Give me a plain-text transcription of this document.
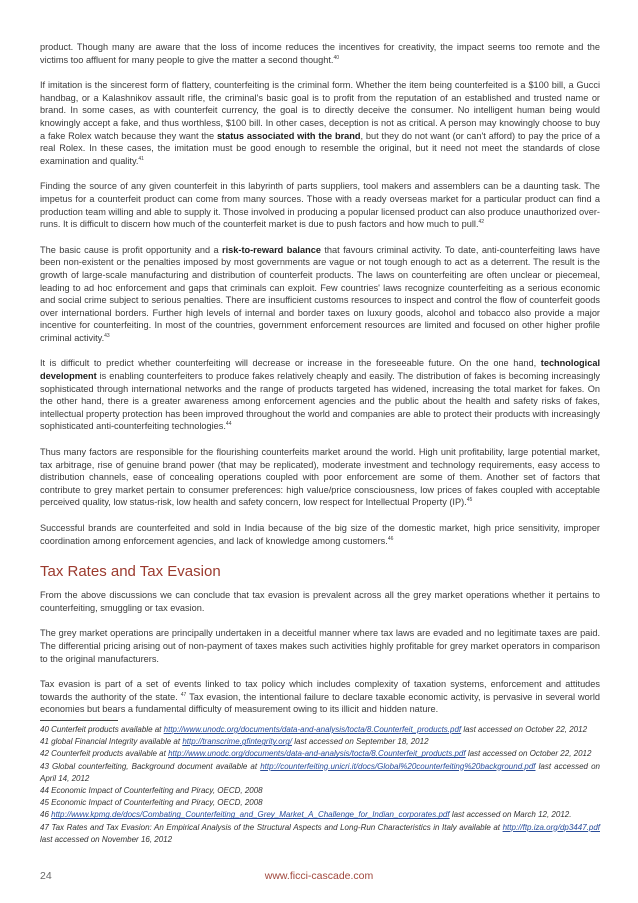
product. Though many are aware that the loss of income reduces the incentives for creativity, the impact seems too remote and the victims too affluent for many people to give the matter a second thought.$^{40}$

If imitation is the sincerest form of flattery, counterfeiting is the criminal form. Whether the item being counterfeited is a $100 bill, a Gucci handbag, or a Kalashnikov assault rifle, the criminal's basic goal is to profit from the reputation of an established and trusted name or brand. In some cases, as with counterfeit currency, the goal is to directly deceive the consumer. No intelligent human being would knowingly accept a fake, and thus worthless, $100 bill. In other cases, deception is not as critical. A person may knowingly choose to buy a fake Rolex watch because they want the status associated with the brand, but they do not want (or can't afford) to pay the price of a real Rolex. In these cases, the imitation must be good enough to resemble the original, but it need not meet the standards of close examination and quality.$^{41}$

Finding the source of any given counterfeit in this labyrinth of parts suppliers, tool makers and assemblers can be a daunting task. The impetus for a counterfeit product can come from many sources. Those with a ready overseas market for a particular product can find a production team willing and able to supply it. Those involved in producing a popular licensed product can also produce unauthorized over-runs. It is difficult to discern how much of the counterfeit market is due to push factors and how much to pull.$^{42}$

The basic cause is profit opportunity and a risk-to-reward balance that favours criminal activity. To date, anti-counterfeiting laws have been non-existent or the penalties imposed by most governments are vague or not tough enough to act as a deterrent. The result is the growth of large-scale manufacturing and distribution of counterfeit products. The laws on counterfeiting are often unclear or piecemeal, leading to ad hoc enforcement and gaps that criminals can exploit. Few countries' laws recognize counterfeiting as a serious economic and social crime subject to serious penalties. There are insufficient customs resources to inspect and control the flow of counterfeit goods over international borders. Further high levels of internal and border taxes on luxury goods, alcohol and tobacco also provide a major incentive for counterfeiting. In most of the countries, government enforcement resources are limited and focused on other higher profile criminal activity.$^{43}$

It is difficult to predict whether counterfeiting will decrease or increase in the foreseeable future. On the one hand, technological development is enabling counterfeiters to produce fakes relatively cheaply and easily. The distribution of fakes is becoming increasingly sophisticated through international networks and the range of products targeted has widened, increasing the total market for fakes. On the other hand, there is a greater awareness among enforcement agencies and the public about the health and safety risks of fakes, intellectual property protection has been improved throughout the world and companies are able to protect their products with increasingly sophisticated anti-counterfeiting technologies.$^{44}$

Thus many factors are responsible for the flourishing counterfeits market around the world. High unit profitability, large potential market, tax arbitrage, rise of genuine brand power (that may be replicated), moderate investment and technology requirements, easy access to distribution channels, ease of concealing operations coupled with poor enforcement are some of them. Another set of factors that contribute to grey market pertain to consumer preferences: high value/price consciousness, low prices of fakes coupled with acceptable perceived quality, low status-risk, low health and safety concern, low respect for Intellectual Property (IP).$^{45}$

Successful brands are counterfeited and sold in India because of the big size of the domestic market, high price sensitivity, improper coordination among enforcement agencies, and lack of knowledge among customers.$^{46}$

Tax Rates and Tax Evasion

From the above discussions we can conclude that tax evasion is prevalent across all the grey market operations whether it pertains to counterfeiting, smuggling or tax evasion.

The grey market operations are principally undertaken in a deceitful manner where tax laws are evaded and no legitimate taxes are paid. The differential pricing arising out of non-payment of taxes makes such activities highly profitable for grey market operators in comparison to the original manufacturers.

Tax evasion is part of a set of events linked to tax policy which includes complexity of taxation systems, enforcement and attitudes towards the authority of the state. $^{47}$ Tax evasion, the intentional failure to declare taxable economic activity, is pervasive in several world economies but bears a fundamental difficulty of measurement owing to its illicit and hidden nature.

40 Cunterfeit products available at http://www.unodc.org/documents/data-and-analysis/tocta/8.Counterfeit_products.pdf last accessed on October 22, 2012

41 global Financial Integrity available at http://transcrime.gfintegrity.org/ last accessed on September 18, 2012

42 Counterfeit products available at http://www.unodc.org/documents/data-and-analysis/tocta/8.Counterfeit_products.pdf last accessed on October 22, 2012

43 Global counterfeiting, Background document available at http://counterfeiting.unicri.it/docs/Global%20counterfeiting%20background.pdf last accessed on April 14, 2012

44 Economic Impact of Counterfeiting and Piracy, OECD, 2008

45 Economic Impact of Counterfeiting and Piracy, OECD, 2008

46 http://www.kpmg.de/docs/Combating_Counterfeiting_and_Grey_Market_A_Challenge_for_Indian_corporates.pdf last accessed on March 12, 2012.

47 Tax Rates and Tax Evasion: An Empirical Analysis of the Structural Aspects and Long-Run Characteristics in Italy available at http://ftp.iza.org/dp3447.pdf last accessed on November 16, 2012

24	www.ficci-cascade.com
